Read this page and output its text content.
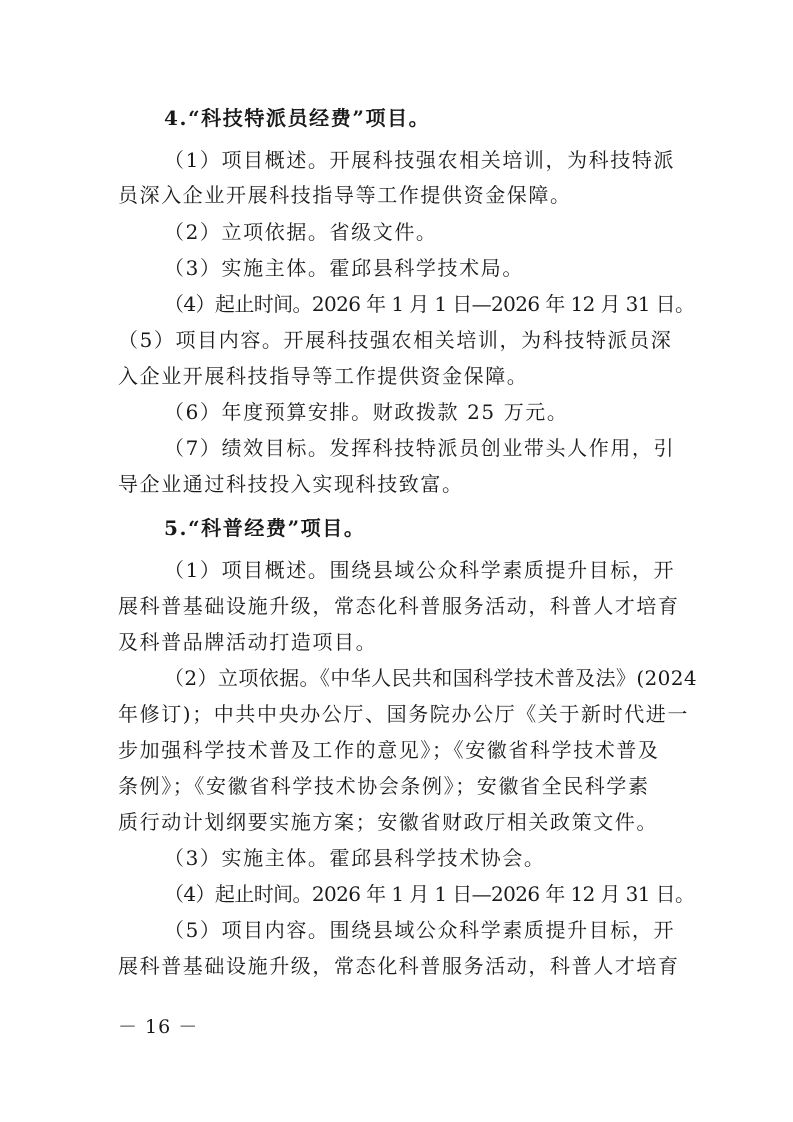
4.“科技特派员经费”项目。
（1）项目概述。开展科技强农相关培训，为科技特派
员深入企业开展科技指导等工作提供资金保障。
（2）立项依据。省级文件。
（3）实施主体。霍邱县科学技术局。
（4）起止时间。2026 年 1 月 1 日—2026 年 12 月 31 日。
（5）项目内容。开展科技强农相关培训，为科技特派员深
入企业开展科技指导等工作提供资金保障。
（6）年度预算安排。财政拨款 25 万元。
（7）绩效目标。发挥科技特派员创业带头人作用，引
导企业通过科技投入实现科技致富。
5.“科普经费”项目。
（1）项目概述。围绕县域公众科学素质提升目标，开
展科普基础设施升级，常态化科普服务活动，科普人才培育
及科普品牌活动打造项目。
（2）立项依据。《中华人民共和国科学技术普及法》(2024
年修订)；中共中央办公厅、国务院办公厅《关于新时代进一
步加强科学技术普及工作的意见》；《安徽省科学技术普及
条例》；《安徽省科学技术协会条例》；安徽省全民科学素
质行动计划纲要实施方案；安徽省财政厅相关政策文件。
（3）实施主体。霍邱县科学技术协会。
（4）起止时间。2026 年 1 月 1 日—2026 年 12 月 31 日。
（5）项目内容。围绕县域公众科学素质提升目标，开
展科普基础设施升级，常态化科普服务活动，科普人才培育
－ 16 －
